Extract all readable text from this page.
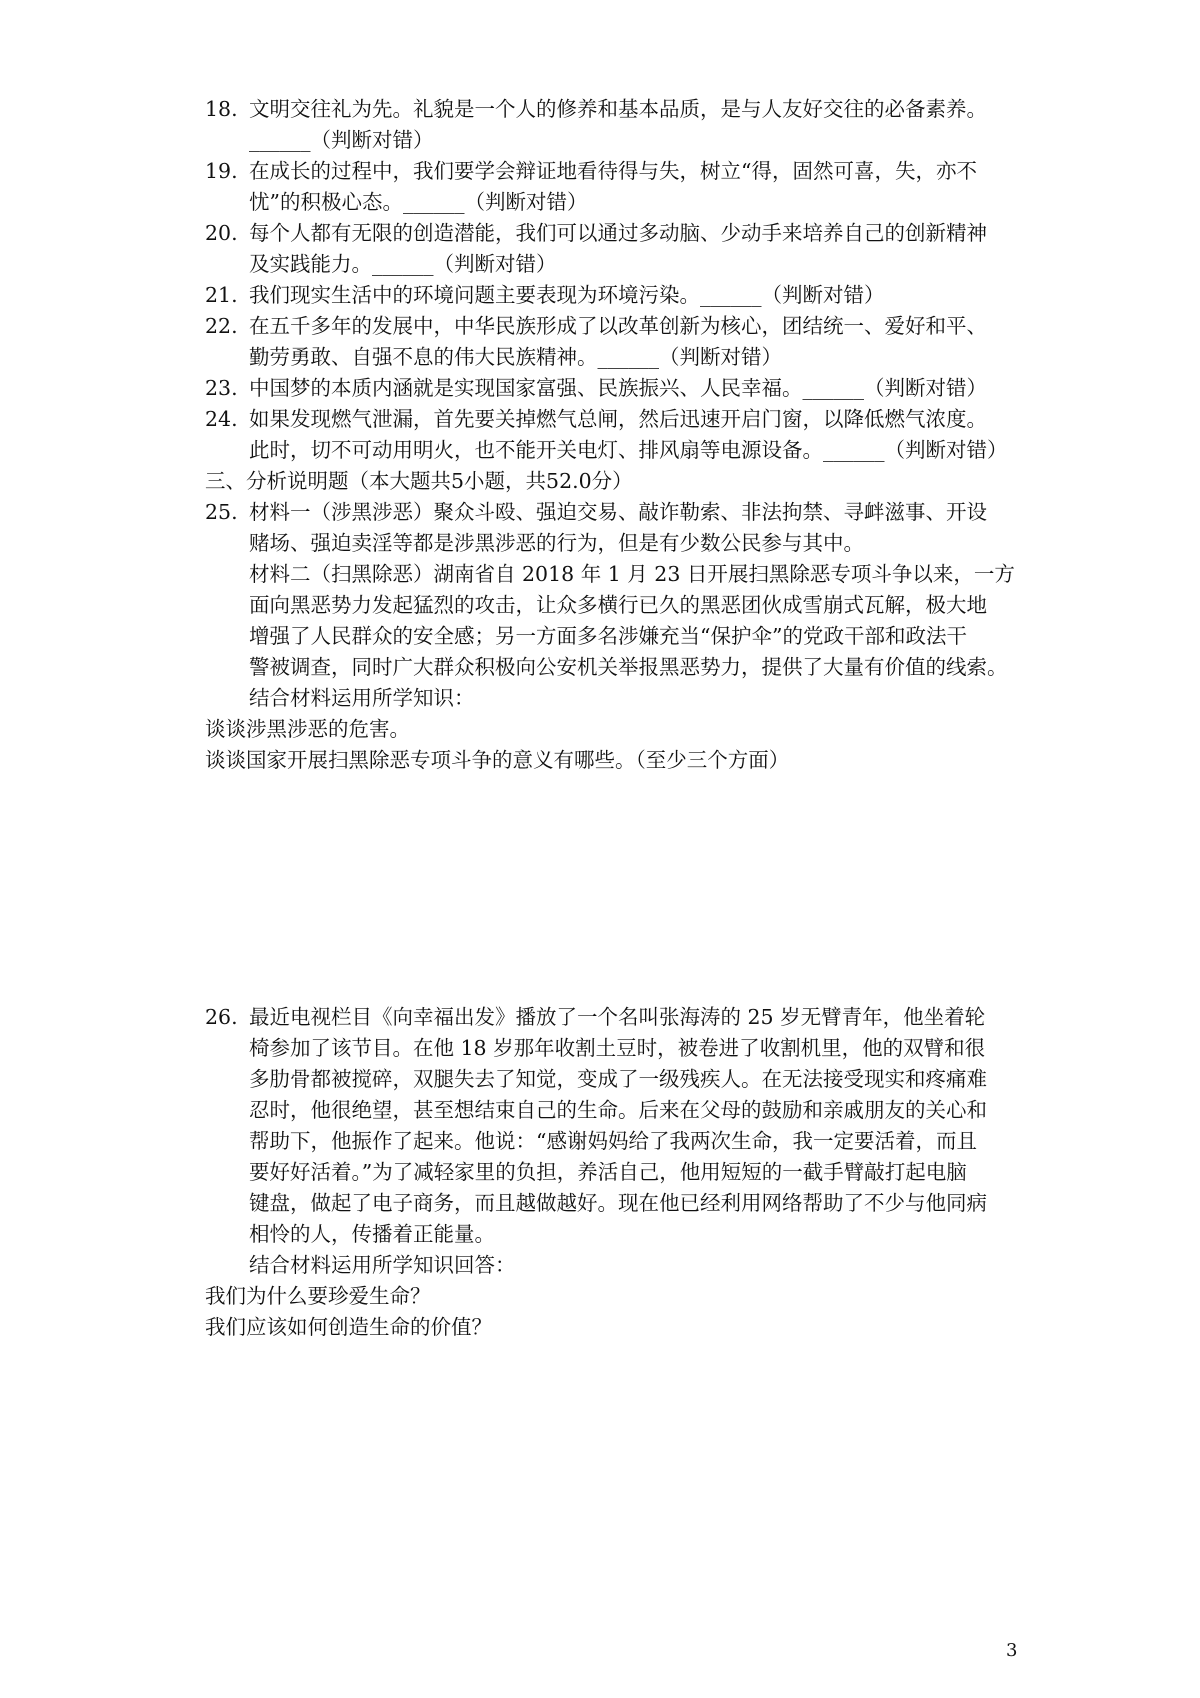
18. 文明交往礼为先。礼貌是一个人的修养和基本品质，是与人友好交往的必备素养。
______（判断对错）
19. 在成长的过程中，我们要学会辩证地看待得与失，树立“得，固然可喜，失，亦不
忧”的积极心态。______（判断对错）
20. 每个人都有无限的创造潜能，我们可以通过多动脑、少动手来培养自己的创新精神
及实践能力。______（判断对错）
21. 我们现实生活中的环境问题主要表现为环境污染。______（判断对错）
22. 在五千多年的发展中，中华民族形成了以改革创新为核心，团结统一、爱好和平、
勤劳勇敢、自强不息的伟大民族精神。______（判断对错）
23. 中国梦的本质内涵就是实现国家富强、民族振兴、人民幸福。______（判断对错）
24. 如果发现燃气泄漏，首先要关掉燃气总闸，然后迅速开启门窗，以降低燃气浓度。
此时，切不可动用明火，也不能开关电灯、排风扇等电源设备。______（判断对错）
三、分析说明题（本大题共5小题，共52.0分）
25. 材料一（涉黑涉恶）聚众斗殴、强迫交易、敲诈勒索、非法拘禁、寻衅滋事、开设
赌场、强迫卖淫等都是涉黑涉恶的行为，但是有少数公民参与其中。
材料二（扫黑除恶）湖南省自 2018 年 1 月 23 日开展扫黑除恶专项斗争以来，一方
面向黑恶势力发起猛烈的攻击，让众多横行已久的黑恶团伙成雪崩式瓦解，极大地
增强了人民群众的安全感；另一方面多名涉嫌充当“保护伞”的党政干部和政法干
警被调查，同时广大群众积极向公安机关举报黑恶势力，提供了大量有价值的线索。
结合材料运用所学知识：
谈谈涉黑涉恶的危害。
谈谈国家开展扫黑除恶专项斗争的意义有哪些。（至少三个方面）
26. 最近电视栏目《向幸福出发》播放了一个名叫张海涛的 25 岁无臂青年，他坐着轮
椅参加了该节目。在他 18 岁那年收割土豆时，被卷进了收割机里，他的双臂和很
多肋骨都被搅碎，双腿失去了知觉，变成了一级残疾人。在无法接受现实和疼痛难
忍时，他很绝望，甚至想结束自己的生命。后来在父母的鼓励和亲戚朋友的关心和
帮助下，他振作了起来。他说：“感谢妈妈给了我两次生命，我一定要活着，而且
要好好活着。”为了减轻家里的负担，养活自己，他用短短的一截手臂敲打起电脑
键盘，做起了电子商务，而且越做越好。现在他已经利用网络帮助了不少与他同病
相怜的人，传播着正能量。
结合材料运用所学知识回答：
我们为什么要珍爱生命？
我们应该如何创造生命的价值？
3
